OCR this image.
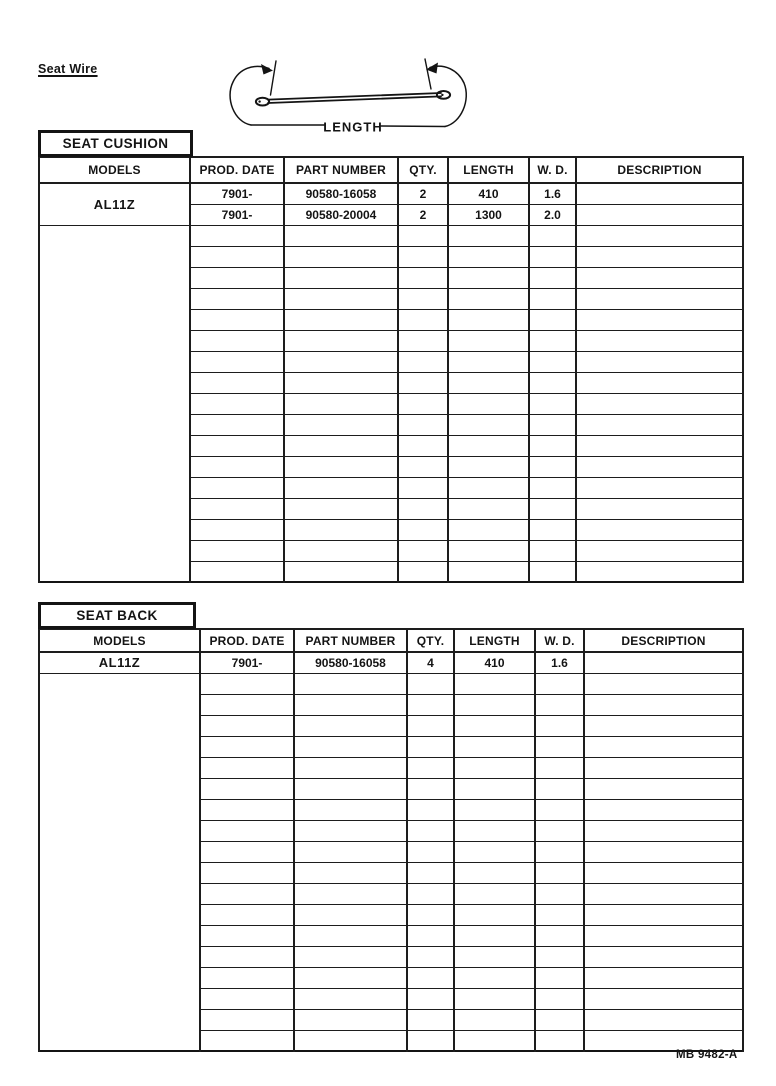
Seat Wire
LENGTH
SEAT CUSHION
MODELS	PROD. DATE	PART NUMBER	QTY.	LENGTH	W. D.	DESCRIPTION
AL11Z	7901-	90580-16058	2	410	1.6	
	7901-	90580-20004	2	1300	2.0	

SEAT BACK
MODELS	PROD. DATE	PART NUMBER	QTY.	LENGTH	W. D.	DESCRIPTION
AL11Z	7901-	90580-16058	4	410	1.6	

MB 9482-A
